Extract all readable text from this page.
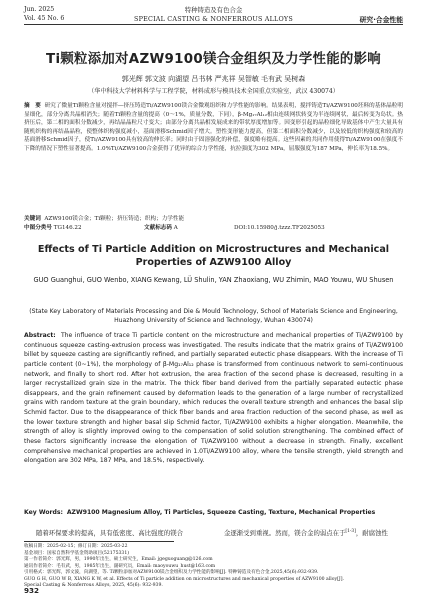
Jun. 2025
Vol. 45 No. 6
特种铸造及有色合金
SPECIAL CASTING & NONFERROUS ALLOYS	研究·合金性能
Ti颗粒添加对AZW9100镁合金组织及力学性能的影响
郭光辉 郭文波 向湖望 吕书林 严兆祥 吴智敏 毛有武 吴树森
（华中科技大学材料科学与工程学院，材料成形与模具技术全国重点实验室，武汉 430074）
摘　要 研究了微量Ti颗粒含量对搅拌—挤压铸造Ti/AZW9100镁合金微观组织和力学性能的影响。结果表明，搅拌铸造Ti/AZW9100坯料的基体晶粒明显细化，部分分离共晶相消失；随着Ti颗粒含量的提高（0～1%，质量分数，下同），β-Mg₁₇Al₁₂相由连续网状转变为半连续网状，最后转变为岛状。热挤压后，第二相的面积分数减少，再结晶晶粒尺寸变大；由部分分离共晶相发展成来的带状厚度增加等。因变形引起的晶粒细化导致基体中产生大量具有随机织构的再结晶晶粒，使整体织构强度减小，基面滑移Schmid因子增大。塑性变形能力提高，但第二相面积分数减少，以及较低的织构强度和较高的基面滑移Schmid因子，使Ti/AZW9100具有较高的伸长率；同时由于固溶强化的补偿，强度略有提高。这些因素的共同作用使得Ti/AZW9100在强度不下降的情况下塑性显著提高。1.0%Ti/AZW9100合金获得了优异的综合力学性能，抗拉强度为302 MPa，屈服强度为187 MPa，伸长率为18.5%。
关键词 AZW9100镁合金；Ti颗粒；挤压铸造；织构；力学性能
中图分类号 TG146.22	文献标志码 A	DOI:10.15980/j.tzzz.TF2025053
Effects of Ti Particle Addition on Microstructures and Mechanical Properties of AZW9100 Alloy
GUO Guanghui, GUO Wenbo, XIANG Kewang, LÜ Shulin, YAN Zhaoxiang, WU Zhimin, MAO Youwu, WU Shusen
(State Key Laboratory of Materials Processing and Die & Mould Technology, School of Materials Science and Engineering, Huazhong University of Science and Technology, Wuhan 430074)
Abstract: The influence of trace Ti particle content on the microstructure and mechanical properties of Ti/AZW9100 by continuous squeeze casting-extrusion process was investigated. The results indicate that the matrix grains of Ti/AZW9100 billet by squeeze casting are significantly refined, and partially separated eutectic phase disappears. With the increase of Ti particle content (0~1%), the morphology of β-Mg₁₇Al₁₂ phase is transformed from continuous network to semi-continuous network, and finally to short rod. After hot extrusion, the area fraction of the second phase is decreased, resulting in a larger recrystallized grain size in the matrix. The thick fiber band derived from the partially separated eutectic phase disappears, and the grain refinement caused by deformation leads to the generation of a large number of recrystallized grains with random texture at the grain boundary, which reduces the overall texture strength and enhances the basal slip Schmid factor. Due to the disappearance of thick fiber bands and area fraction reduction of the second phase, as well as the lower texture strength and higher basal slip Schmid factor, Ti/AZW9100 exhibits a higher elongation. Meanwhile, the strength of alloy is slightly improved owing to the compensation of solid solution strengthening. The combined effect of these factors significantly increase the elongation of Ti/AZW9100 without a decrease in strength. Finally, excellent comprehensive mechanical properties are achieved in 1.0Ti/AZW9100 alloy, where the tensile strength, yield strength and elongation are 302 MPa, 187 MPa, and 18.5%, respectively.
Key Words: AZW9100 Magnesium Alloy, Ti Particles, Squeeze Casting, Texture, Mechanical Properties
随着环保要求的提高，具有低密度、高比强度的镁合	金逐渐受到重视。然而，镁合金的弱点在于[1-3]，耐腐蚀性
收稿日期：2025-02-15；修订日期：2025-03-22
基金项目：国家自然科学基金资助项目(52175331)
第一作者简介：郭光辉，男，1990年出生，硕士研究生，Email: jgeguoguang@126.com
通讯作者简介：毛有武，男，1985年出生，副研究员，Email: maoyouwu_hust@163.com
引用格式：郭光辉，郭文波，向湖望，等. Ti颗粒添加对AZW9100镁合金组织及力学性能的影响[J]. 特种铸造及有色合金,2025,45(6):932-939.
GUO G H, GUO W B, XIANG K W, et al. Effects of Ti particle addition on microstructures and mechanical properties of AZW9100 alloy[J].
Special Casting & Nonferrous Alloys, 2025, 45(6): 932-939.
932
